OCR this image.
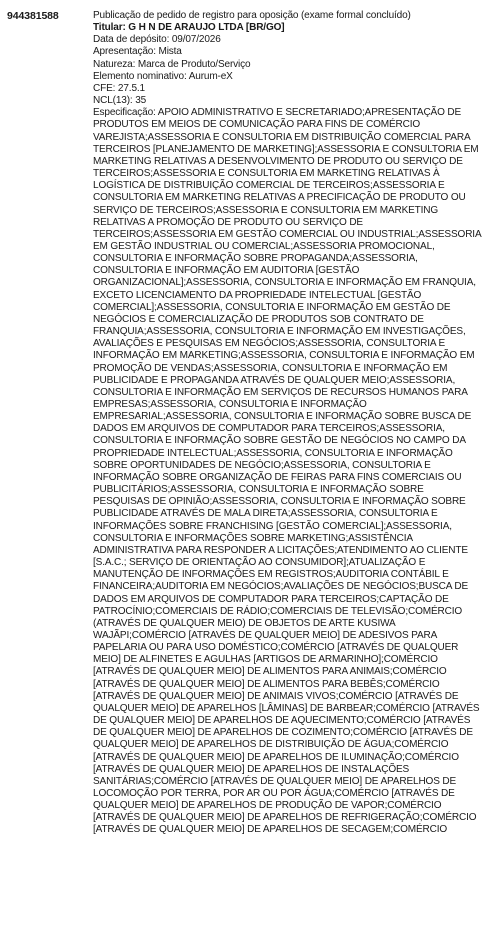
944381588	Publicação de pedido de registro para oposição (exame formal concluído)
Titular: G H N DE ARAUJO LTDA [BR/GO]
Data de depósito: 09/07/2026
Apresentação: Mista
Natureza: Marca de Produto/Serviço
Elemento nominativo: Aurum-eX
CFE: 27.5.1
NCL(13): 35
Especificação: APOIO ADMINISTRATIVO E SECRETARIADO;APRESENTAÇÃO DE
PRODUTOS EM MEIOS DE COMUNICAÇÃO PARA FINS DE COMÉRCIO
VAREJISTA;ASSESSORIA E CONSULTORIA EM DISTRIBUIÇÃO COMERCIAL PARA
TERCEIROS [PLANEJAMENTO DE MARKETING];ASSESSORIA E CONSULTORIA EM
MARKETING RELATIVAS A DESENVOLVIMENTO DE PRODUTO OU SERVIÇO DE
TERCEIROS;ASSESSORIA E CONSULTORIA EM MARKETING RELATIVAS À
LOGÍSTICA DE DISTRIBUIÇÃO COMERCIAL DE TERCEIROS;ASSESSORIA E
CONSULTORIA EM MARKETING RELATIVAS A PRECIFICAÇÃO DE PRODUTO OU
SERVIÇO DE TERCEIROS;ASSESSORIA E CONSULTORIA EM MARKETING
RELATIVAS A PROMOÇÃO DE PRODUTO OU SERVIÇO DE
TERCEIROS;ASSESSORIA EM GESTÃO COMERCIAL OU INDUSTRIAL;ASSESSORIA
EM GESTÃO INDUSTRIAL OU COMERCIAL;ASSESSORIA PROMOCIONAL,
CONSULTORIA E INFORMAÇÃO SOBRE PROPAGANDA;ASSESSORIA,
CONSULTORIA E INFORMAÇÃO EM AUDITORIA [GESTÃO
ORGANIZACIONAL];ASSESSORIA, CONSULTORIA E INFORMAÇÃO EM FRANQUIA,
EXCETO LICENCIAMENTO DA PROPRIEDADE INTELECTUAL [GESTÃO
COMERCIAL];ASSESSORIA, CONSULTORIA E INFORMAÇÃO EM GESTÃO DE
NEGÓCIOS E COMERCIALIZAÇÃO DE PRODUTOS SOB CONTRATO DE
FRANQUIA;ASSESSORIA, CONSULTORIA E INFORMAÇÃO EM INVESTIGAÇÕES,
AVALIAÇÕES E PESQUISAS EM NEGÓCIOS;ASSESSORIA, CONSULTORIA E
INFORMAÇÃO EM MARKETING;ASSESSORIA, CONSULTORIA E INFORMAÇÃO EM
PROMOÇÃO DE VENDAS;ASSESSORIA, CONSULTORIA E INFORMAÇÃO EM
PUBLICIDADE E PROPAGANDA ATRAVÉS DE QUALQUER MEIO;ASSESSORIA,
CONSULTORIA E INFORMAÇÃO EM SERVIÇOS DE RECURSOS HUMANOS PARA
EMPRESAS;ASSESSORIA, CONSULTORIA E INFORMAÇÃO
EMPRESARIAL;ASSESSORIA, CONSULTORIA E INFORMAÇÃO SOBRE BUSCA DE
DADOS EM ARQUIVOS DE COMPUTADOR PARA TERCEIROS;ASSESSORIA,
CONSULTORIA E INFORMAÇÃO SOBRE GESTÃO DE NEGÓCIOS NO CAMPO DA
PROPRIEDADE INTELECTUAL;ASSESSORIA, CONSULTORIA E INFORMAÇÃO
SOBRE OPORTUNIDADES DE NEGÓCIO;ASSESSORIA, CONSULTORIA E
INFORMAÇÃO SOBRE ORGANIZAÇÃO DE FEIRAS PARA FINS COMERCIAIS OU
PUBLICITÁRIOS;ASSESSORIA, CONSULTORIA E INFORMAÇÃO SOBRE
PESQUISAS DE OPINIÃO;ASSESSORIA, CONSULTORIA E INFORMAÇÃO SOBRE
PUBLICIDADE ATRAVÉS DE MALA DIRETA;ASSESSORIA, CONSULTORIA E
INFORMAÇÕES SOBRE FRANCHISING [GESTÃO COMERCIAL];ASSESSORIA,
CONSULTORIA E INFORMAÇÕES SOBRE MARKETING;ASSISTÊNCIA
ADMINISTRATIVA PARA RESPONDER A LICITAÇÕES;ATENDIMENTO AO CLIENTE
[S.A.C.; SERVIÇO DE ORIENTAÇÃO AO CONSUMIDOR];ATUALIZAÇÃO E
MANUTENÇÃO DE INFORMAÇÕES EM REGISTROS;AUDITORIA CONTÁBIL E
FINANCEIRA;AUDITORIA EM NEGÓCIOS;AVALIAÇÕES DE NEGÓCIOS;BUSCA DE
DADOS EM ARQUIVOS DE COMPUTADOR PARA TERCEIROS;CAPTAÇÃO DE
PATROCÍNIO;COMERCIAIS DE RÁDIO;COMERCIAIS DE TELEVISÃO;COMÉRCIO
(ATRAVÉS DE QUALQUER MEIO) DE OBJETOS DE ARTE KUSIWA
WAJÃPI;COMÉRCIO [ATRAVÉS DE QUALQUER MEIO] DE ADESIVOS PARA
PAPELARIA OU PARA USO DOMÉSTICO;COMÉRCIO [ATRAVÉS DE QUALQUER
MEIO] DE ALFINETES E AGULHAS [ARTIGOS DE ARMARINHO];COMÉRCIO
[ATRAVÉS DE QUALQUER MEIO] DE ALIMENTOS PARA ANIMAIS;COMÉRCIO
[ATRAVÉS DE QUALQUER MEIO] DE ALIMENTOS PARA BEBÊS;COMÉRCIO
[ATRAVÉS DE QUALQUER MEIO] DE ANIMAIS VIVOS;COMÉRCIO [ATRAVÉS DE
QUALQUER MEIO] DE APARELHOS [LÂMINAS] DE BARBEAR;COMÉRCIO [ATRAVÉS
DE QUALQUER MEIO] DE APARELHOS DE AQUECIMENTO;COMÉRCIO [ATRAVÉS
DE QUALQUER MEIO] DE APARELHOS DE COZIMENTO;COMÉRCIO [ATRAVÉS DE
QUALQUER MEIO] DE APARELHOS DE DISTRIBUIÇÃO DE ÁGUA;COMÉRCIO
[ATRAVÉS DE QUALQUER MEIO] DE APARELHOS DE ILUMINAÇÃO;COMÉRCIO
[ATRAVÉS DE QUALQUER MEIO] DE APARELHOS DE INSTALAÇÕES
SANITÁRIAS;COMÉRCIO [ATRAVÉS DE QUALQUER MEIO] DE APARELHOS DE
LOCOMOÇÃO POR TERRA, POR AR OU POR ÁGUA;COMÉRCIO [ATRAVÉS DE
QUALQUER MEIO] DE APARELHOS DE PRODUÇÃO DE VAPOR;COMÉRCIO
[ATRAVÉS DE QUALQUER MEIO] DE APARELHOS DE REFRIGERAÇÃO;COMÉRCIO
[ATRAVÉS DE QUALQUER MEIO] DE APARELHOS DE SECAGEM;COMÉRCIO
